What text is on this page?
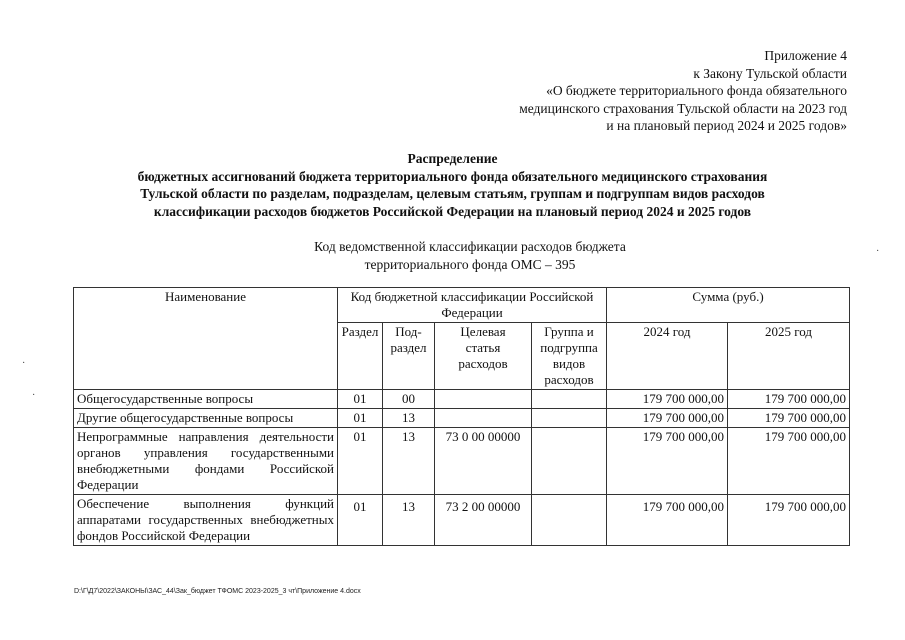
Приложение 4
к Закону Тульской области
«О бюджете территориального фонда обязательного
медицинского страхования Тульской области на 2023 год
и на плановый период 2024 и 2025 годов»
Распределение
бюджетных ассигнований бюджета территориального фонда обязательного медицинского страхования
Тульской области по разделам, подразделам, целевым статьям, группам и подгруппам видов расходов
классификации расходов бюджетов Российской Федерации на плановый период 2024 и 2025 годов
Код ведомственной классификации расходов бюджета
территориального фонда ОМС – 395
Наименование	Код бюджетной классификации Российской Федерации				Сумма (руб.)	
	Раздел	Под-раздел	Целевая статья расходов	Группа и подгруппа видов расходов	2024 год	2025 год
Общегосударственные вопросы	01	00			179 700 000,00	179 700 000,00
Другие общегосударственные вопросы	01	13			179 700 000,00	179 700 000,00
Непрограммные направления деятельности органов управления государственными внебюджетными фондами Российской Федерации	01	13	73 0 00 00000		179 700 000,00	179 700 000,00
Обеспечение выполнения функций аппаратами государственных внебюджетных фондов Российской Федерации	01	13	73 2 00 00000		179 700 000,00	179 700 000,00
·
·
·
D:\Г\Д7\2022\ЗАКОНЫ\ЗАС_44\Зак_бюджет ТФОМС 2023-2025_3 чт\Приложение 4.docx
